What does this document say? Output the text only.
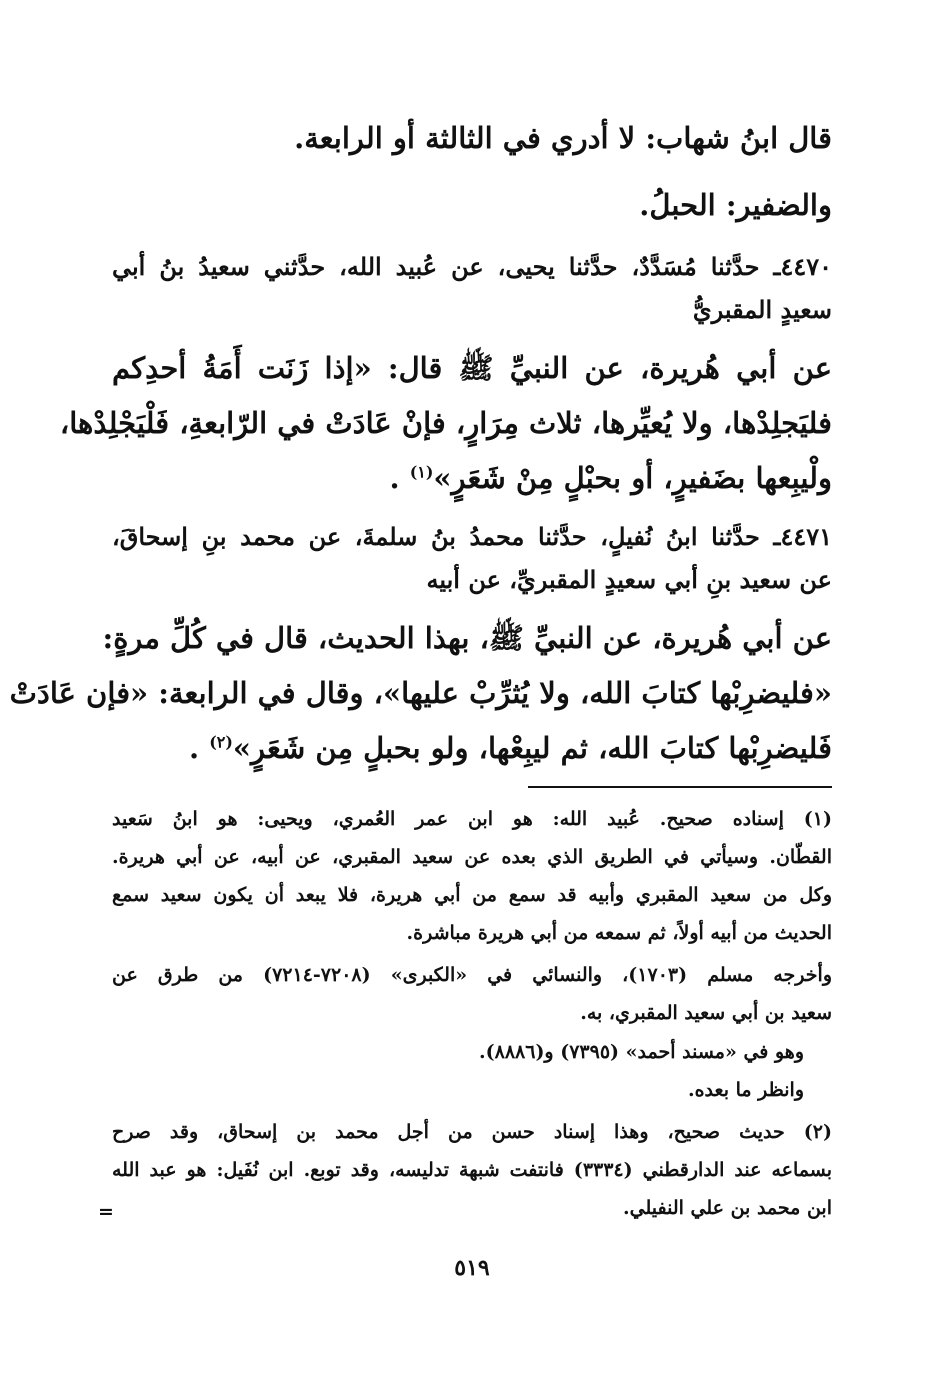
قال ابنُ شهاب: لا أدري في الثالثة أو الرابعة.
والضفير: الحبلُ.
٤٤٧٠ـ حدَّثنا مُسَدَّدٌ، حدَّثنا يحيى، عن عُبيد الله، حدَّثني سعيدُ بنُ أبي
سعيدٍ المقبريُّ
عن أبي هُريرة، عن النبيِّ ﷺ قال: «إذا زَنَت أَمَةُ أحدِكم
فليَجلِدْها، ولا يُعيِّرها، ثلاث مِرَارٍ، فإنْ عَادَتْ في الرّابعةِ، فَلْيَجْلِدْها،
ولْيبِعها بضَفيرٍ، أو بحبْلٍ مِنْ شَعَرٍ»$^{(١)}$ .
٤٤٧١ـ حدَّثنا ابنُ نُفيلٍ، حدَّثنا محمدُ بنُ سلمةَ، عن محمد بنِ إسحاقَ،
عن سعيد بنِ أبي سعيدٍ المقبريِّ، عن أبيه
عن أبي هُريرة، عن النبيِّ ﷺ، بهذا الحديث، قال في كُلِّ مرةٍ:
«فليضرِبْها كتابَ الله، ولا يُثرِّبْ عليها»، وقال في الرابعة: «فإن عَادَتْ
فَليضرِبْها كتابَ الله، ثم ليبِعْها، ولو بحبلٍ مِن شَعَرٍ»$^{(٢)}$ .
(١) إسناده صحيح. عُبيد الله: هو ابن عمر العُمري، ويحيى: هو ابنُ سَعيد
القطّان. وسيأتي في الطريق الذي بعده عن سعيد المقبري، عن أبيه، عن أبي هريرة.
وكل من سعيد المقبري وأبيه قد سمع من أبي هريرة، فلا يبعد أن يكون سعيد سمع
الحديث من أبيه أولاً، ثم سمعه من أبي هريرة مباشرة.
وأخرجه مسلم (١٧٠٣)، والنسائي في «الكبرى» (٧٢٠٨-٧٢١٤) من طرق عن
سعيد بن أبي سعيد المقبري، به.
وهو في «مسند أحمد» (٧٣٩٥) و(٨٨٨٦).
وانظر ما بعده.
(٢) حديث صحيح، وهذا إسناد حسن من أجل محمد بن إسحاق، وقد صرح
بسماعه عند الدارقطني (٣٣٣٤) فانتفت شبهة تدليسه، وقد توبع. ابن نُفَيل: هو عبد الله
ابن محمد بن علي النفيلي.
=
٥١٩
